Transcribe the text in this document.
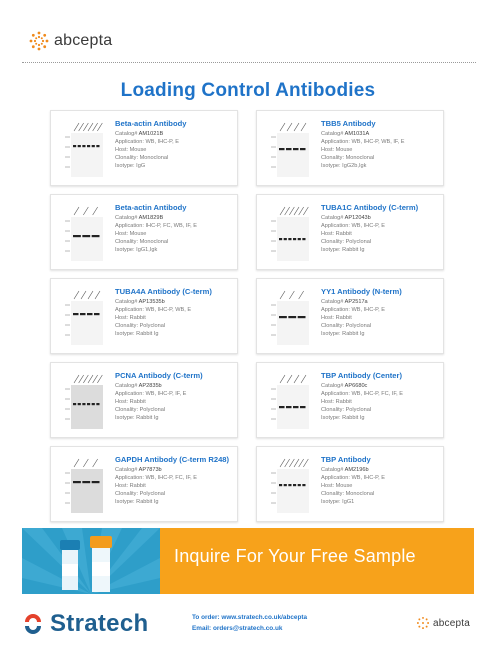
abcepta
Loading Control Antibodies
Beta-actin Antibody
Catalog# AM1021B
Application: WB, IHC-P, E
Host: Mouse
Clonality: Monoclonal
Isotype: IgG
TBB5 Antibody
Catalog# AM1031A
Application: WB, IHC-P, WB, IF, E
Host: Mouse
Clonality: Monoclonal
Isotype: IgG2b,Igk
Beta-actin Antibody
Catalog# AM1829B
Application: IHC-P, FC, WB, IF, E
Host: Mouse
Clonality: Monoclonal
Isotype: IgG1,Igk
TUBA1C Antibody (C-term)
Catalog# AP12043b
Application: WB, IHC-P, E
Host: Rabbit
Clonality: Polyclonal
Isotype: Rabbit Ig
TUBA4A Antibody (C-term)
Catalog# AP13535b
Application: WB, IHC-P, WB, E
Host: Rabbit
Clonality: Polyclonal
Isotype: Rabbit Ig
YY1 Antibody (N-term)
Catalog# AP2517a
Application: WB, IHC-P, E
Host: Rabbit
Clonality: Polyclonal
Isotype: Rabbit Ig
PCNA Antibody (C-term)
Catalog# AP2835b
Application: WB, IHC-P, IF, E
Host: Rabbit
Clonality: Polyclonal
Isotype: Rabbit Ig
TBP Antibody (Center)
Catalog# AP6680c
Application: WB, IHC-P, FC, IF, E
Host: Rabbit
Clonality: Polyclonal
Isotype: Rabbit Ig
GAPDH Antibody (C-term R248)
Catalog# AP7873b
Application: WB, IHC-P, FC, IF, E
Host: Rabbit
Clonality: Polyclonal
Isotype: Rabbit Ig
TBP Antibody
Catalog# AM2196b
Application: WB, IHC-P, E
Host: Mouse
Clonality: Monoclonal
Isotype: IgG1
Inquire For Your Free Sample
Stratech	To order: www.stratech.co.uk/abcepta
Email: orders@stratech.co.uk	abcepta
